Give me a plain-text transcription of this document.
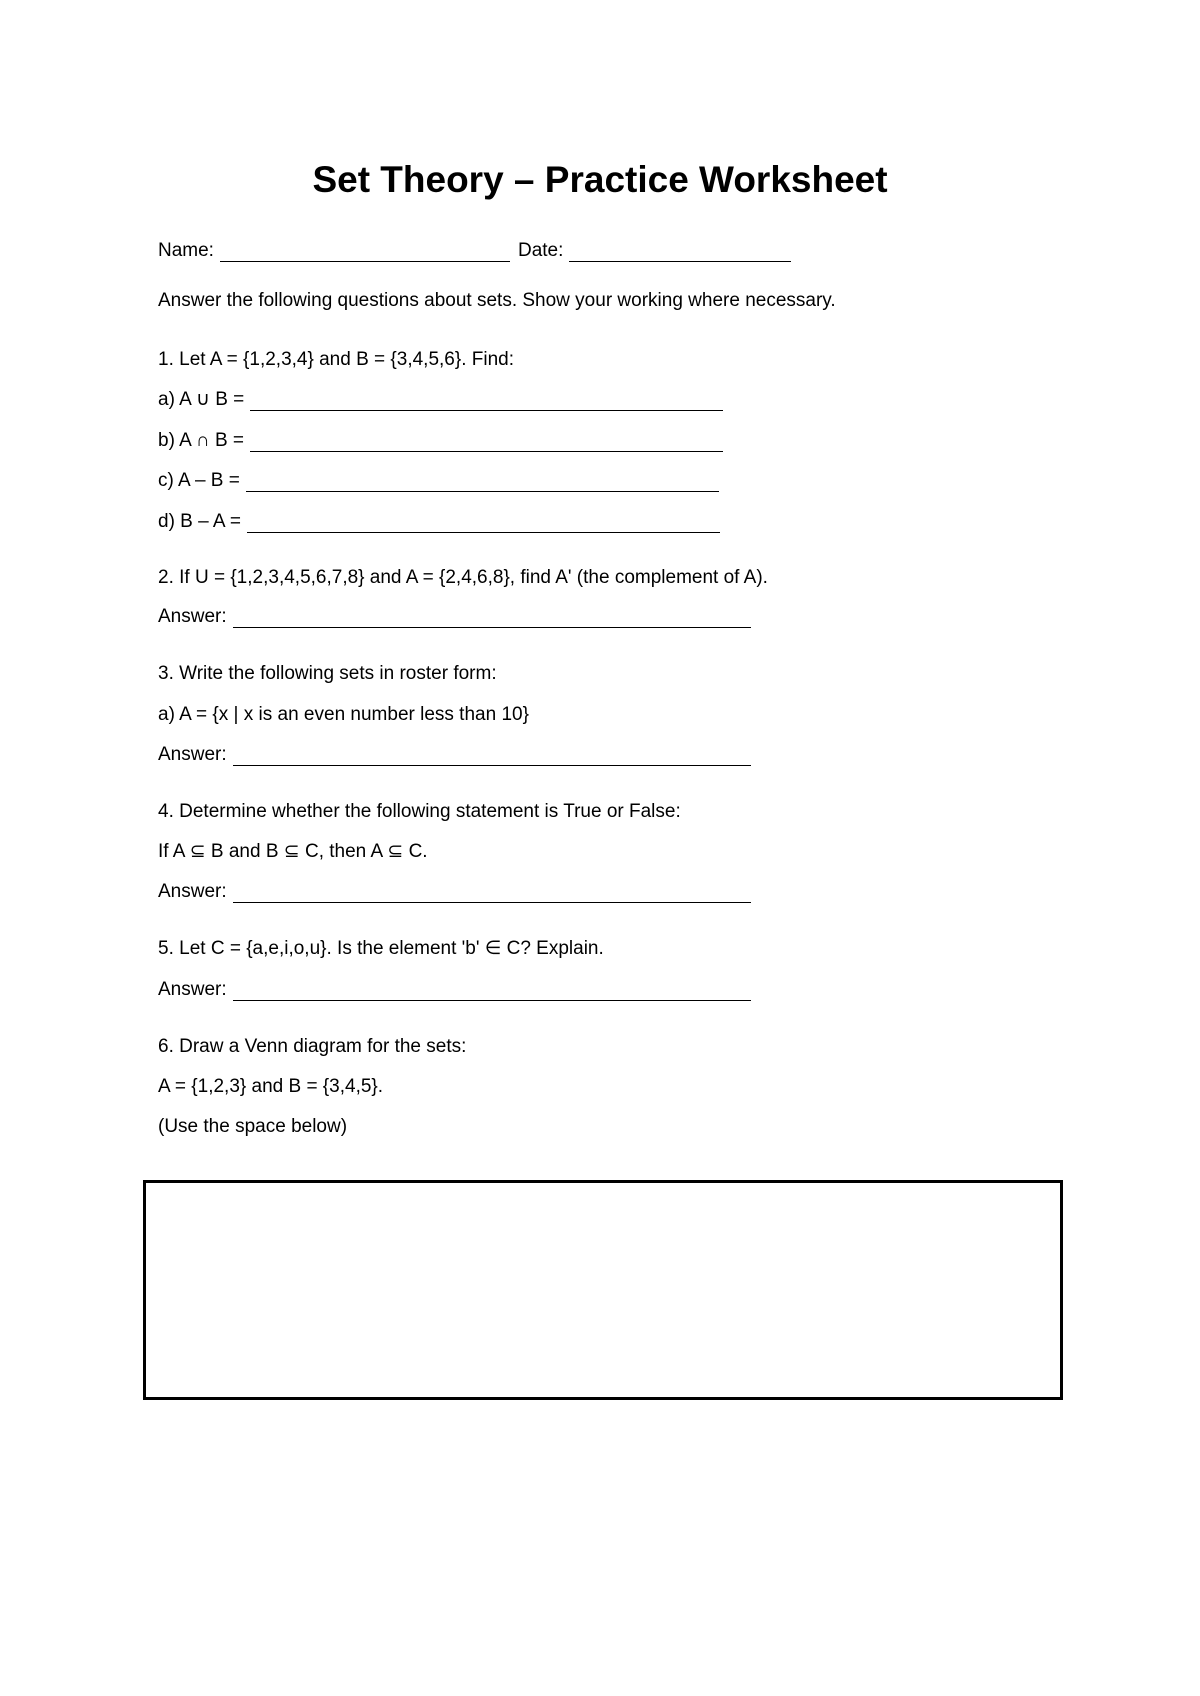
Set Theory – Practice Worksheet
Name:	Date:
Answer the following questions about sets. Show your working where necessary.
1. Let A = {1,2,3,4} and B = {3,4,5,6}. Find:
a) A ∪ B =
b) A ∩ B =
c) A – B =
d) B – A =
2. If U = {1,2,3,4,5,6,7,8} and A = {2,4,6,8}, find A' (the complement of A).
Answer:
3. Write the following sets in roster form:
a) A = {x | x is an even number less than 10}
Answer:
4. Determine whether the following statement is True or False:
If A ⊆ B and B ⊆ C, then A ⊆ C.
Answer:
5. Let C = {a,e,i,o,u}. Is the element 'b' ∈ C? Explain.
Answer:
6. Draw a Venn diagram for the sets:
A = {1,2,3} and B = {3,4,5}.
(Use the space below)
